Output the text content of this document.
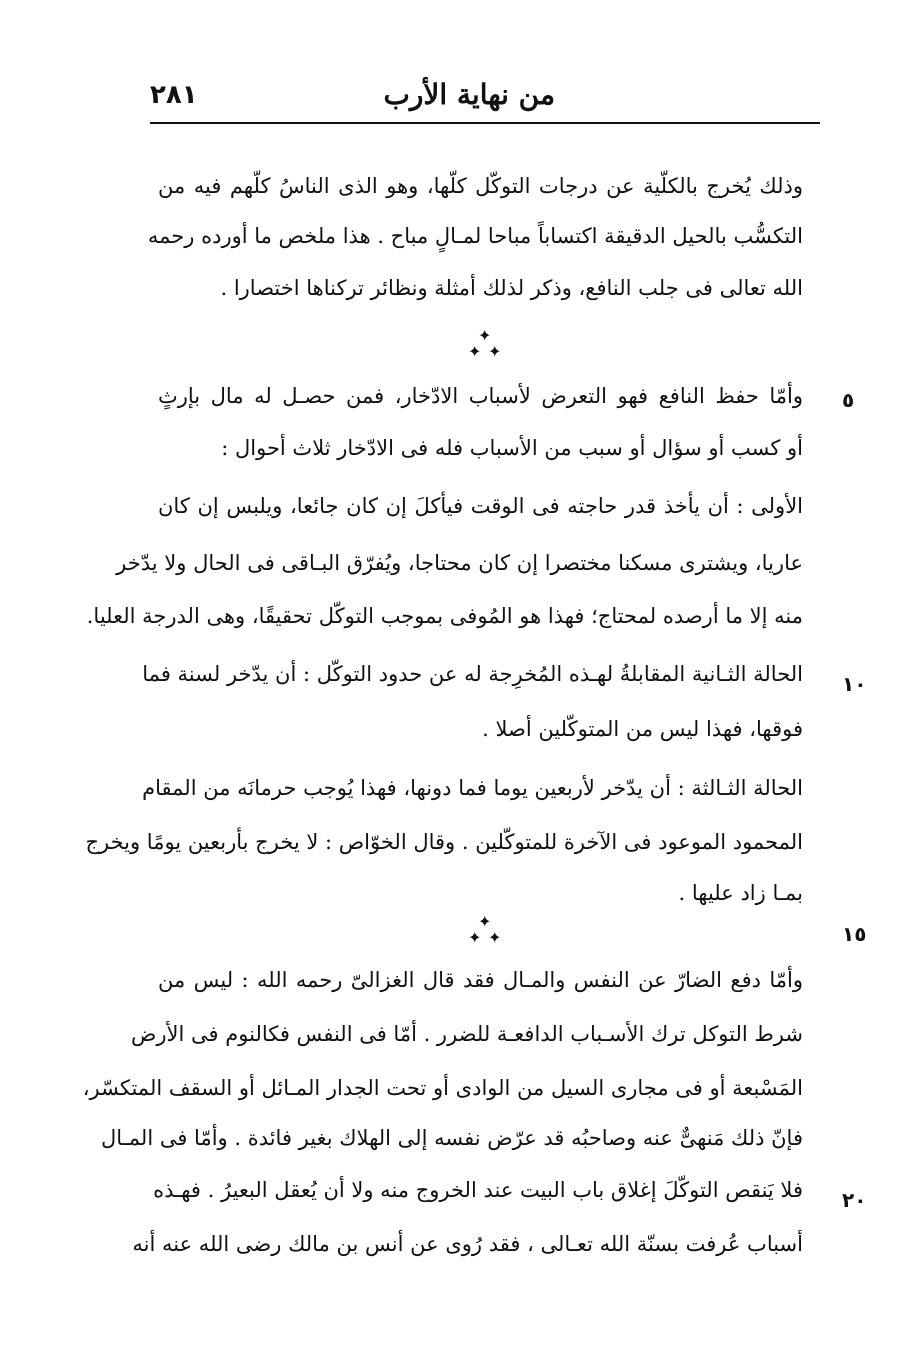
٢٨١	من نهاية الأرب
وذلك يُخرج بالكلّية عن درجات التوكّل كلّها، وهو الذى الناسُ كلّهم فيه من
التكسُّب بالحيل الدقيقة اكتساباً مباحا لمـالٍ مباح . هذا ملخص ما أورده رحمه
الله تعالى فى جلب النافع، وذكر لذلك أمثلة ونظائر تركناها اختصارا .
✦
✦ ✦
وأمّا حفظ النافع فهو التعرض لأسباب الادّخار، فمن حصـل له مال بإرثٍ
أو كسب أو سؤال أو سبب من الأسباب فله فى الادّخار ثلاث أحوال :
الأولى : أن يأخذ قدر حاجته فى الوقت فيأكلَ إن كان جائعا، ويلبس إن كان
عاريا، ويشترى مسكنا مختصرا إن كان محتاجا، ويُفرّق البـاقى فى الحال ولا يدّخر
منه إلا ما أرصده لمحتاج؛ فهذا هو المُوفى بموجب التوكّل تحقيقًا، وهى الدرجة العليا.
الحالة الثـانية المقابلةُ لهـذه المُخرِجة له عن حدود التوكّل : أن يدّخر لسنة فما
فوقها، فهذا ليس من المتوكّلين أصلا .
الحالة الثـالثة : أن يدّخر لأربعين يوما فما دونها، فهذا يُوجب حرمانَه من المقام
المحمود الموعود فى الآخرة للمتوكّلين . وقال الخوّاص : لا يخرج بأربعين يومًا ويخرج
بمـا زاد عليها .
✦
✦ ✦
وأمّا دفع الضارّ عن النفس والمـال فقد قال الغزالىّ رحمه الله : ليس من
شرط التوكل ترك الأسـباب الدافعـة للضرر . أمّا فى النفس فكالنوم فى الأرض
المَسْبعة أو فى مجارى السيل من الوادى أو تحت الجدار المـائل أو السقف المتكسّر،
فإنّ ذلك مَنهىٌّ عنه وصاحبُه قد عرّض نفسه إلى الهلاك بغير فائدة . وأمّا فى المـال
فلا يَنقص التوكّلَ إغلاق باب البيت عند الخروج منه ولا أن يُعقل البعيرُ . فهـذه
أسباب عُرفت بسنّة الله تعـالى ، فقد رُوى عن أنس بن مالك رضى الله عنه أنه
٥
١٠
١٥
٢٠
